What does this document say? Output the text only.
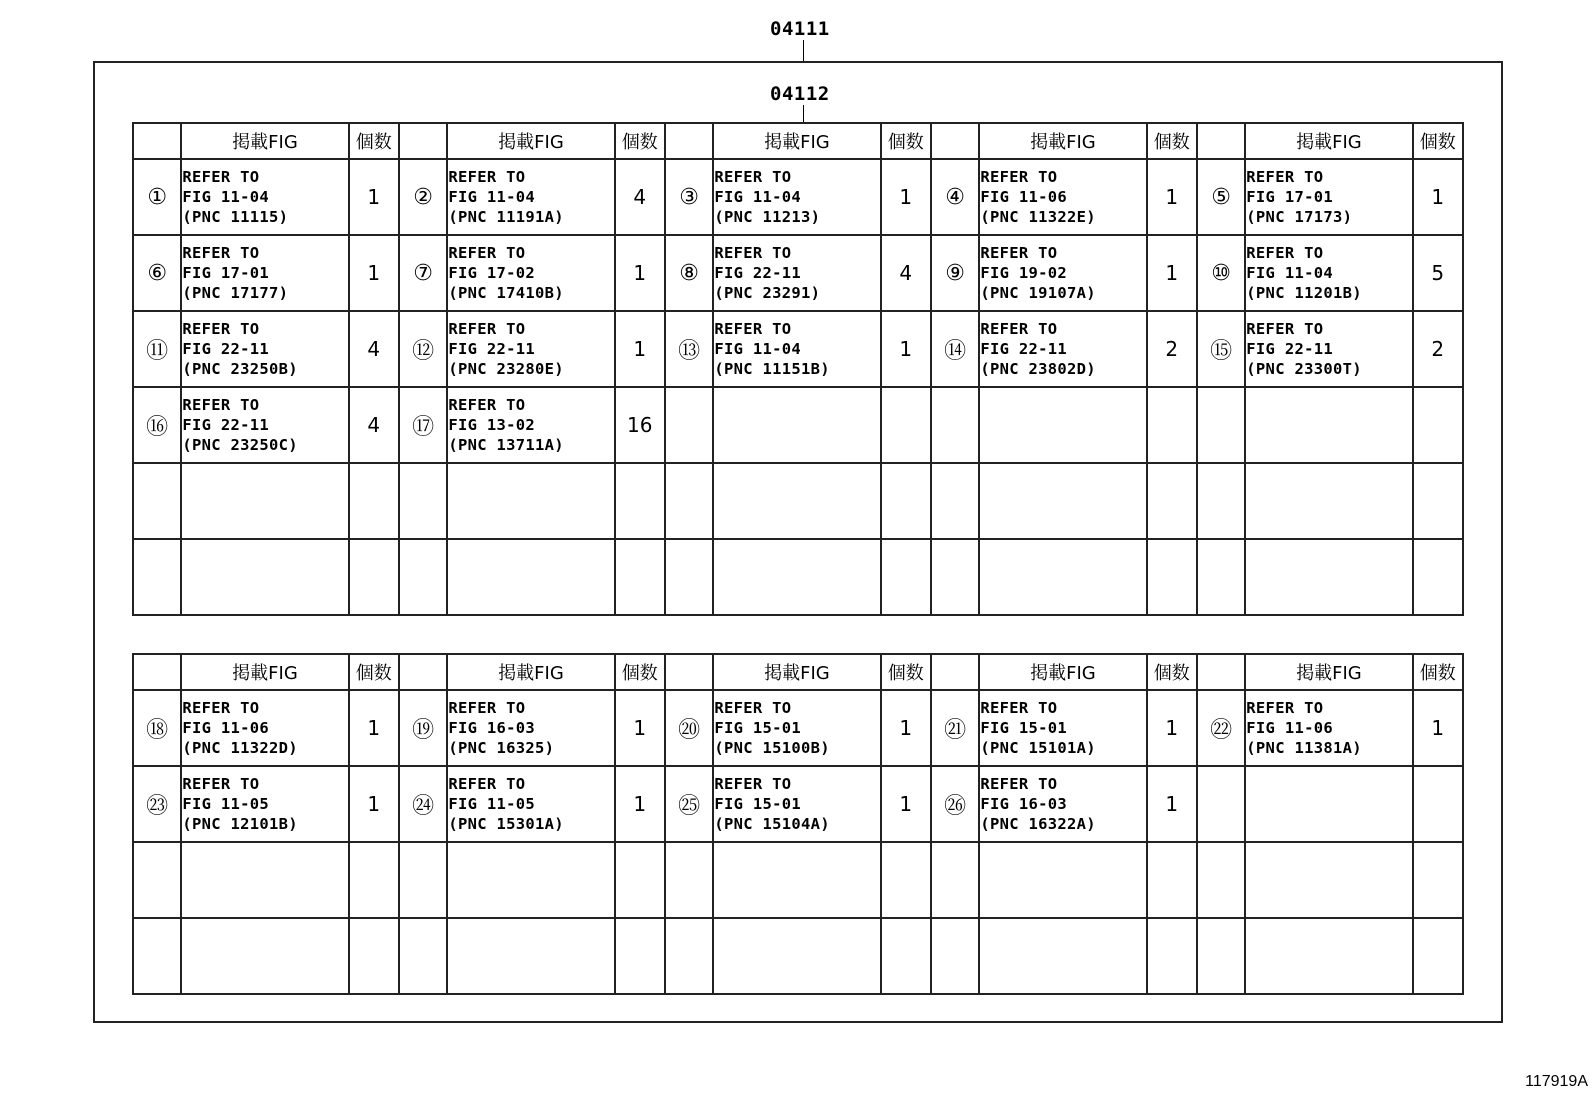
04111
04112
	掲載FIG	個数		掲載FIG	個数		掲載FIG	個数		掲載FIG	個数		掲載FIG	個数
①	REFER TO
FIG 11-04
(PNC 11115)	1	②	REFER TO
FIG 11-04
(PNC 11191A)	4	③	REFER TO
FIG 11-04
(PNC 11213)	1	④	REFER TO
FIG 11-06
(PNC 11322E)	1	⑤	REFER TO
FIG 17-01
(PNC 17173)	1
⑥	REFER TO
FIG 17-01
(PNC 17177)	1	⑦	REFER TO
FIG 17-02
(PNC 17410B)	1	⑧	REFER TO
FIG 22-11
(PNC 23291)	4	⑨	REFER TO
FIG 19-02
(PNC 19107A)	1	⑩	REFER TO
FIG 11-04
(PNC 11201B)	5
⑪	REFER TO
FIG 22-11
(PNC 23250B)	4	⑫	REFER TO
FIG 22-11
(PNC 23280E)	1	⑬	REFER TO
FIG 11-04
(PNC 11151B)	1	⑭	REFER TO
FIG 22-11
(PNC 23802D)	2	⑮	REFER TO
FIG 22-11
(PNC 23300T)	2
⑯	REFER TO
FIG 22-11
(PNC 23250C)	4	⑰	REFER TO
FIG 13-02
(PNC 13711A)	16		

	掲載FIG	個数		掲載FIG	個数		掲載FIG	個数		掲載FIG	個数		掲載FIG	個数
⑱	REFER TO
FIG 11-06
(PNC 11322D)	1	⑲	REFER TO
FIG 16-03
(PNC 16325)	1	⑳	REFER TO
FIG 15-01
(PNC 15100B)	1	㉑	REFER TO
FIG 15-01
(PNC 15101A)	1	㉒	REFER TO
FIG 11-06
(PNC 11381A)	1
㉓	REFER TO
FIG 11-05
(PNC 12101B)	1	㉔	REFER TO
FIG 11-05
(PNC 15301A)	1	㉕	REFER TO
FIG 15-01
(PNC 15104A)	1	㉖	REFER TO
FIG 16-03
(PNC 16322A)	1		

117919A
